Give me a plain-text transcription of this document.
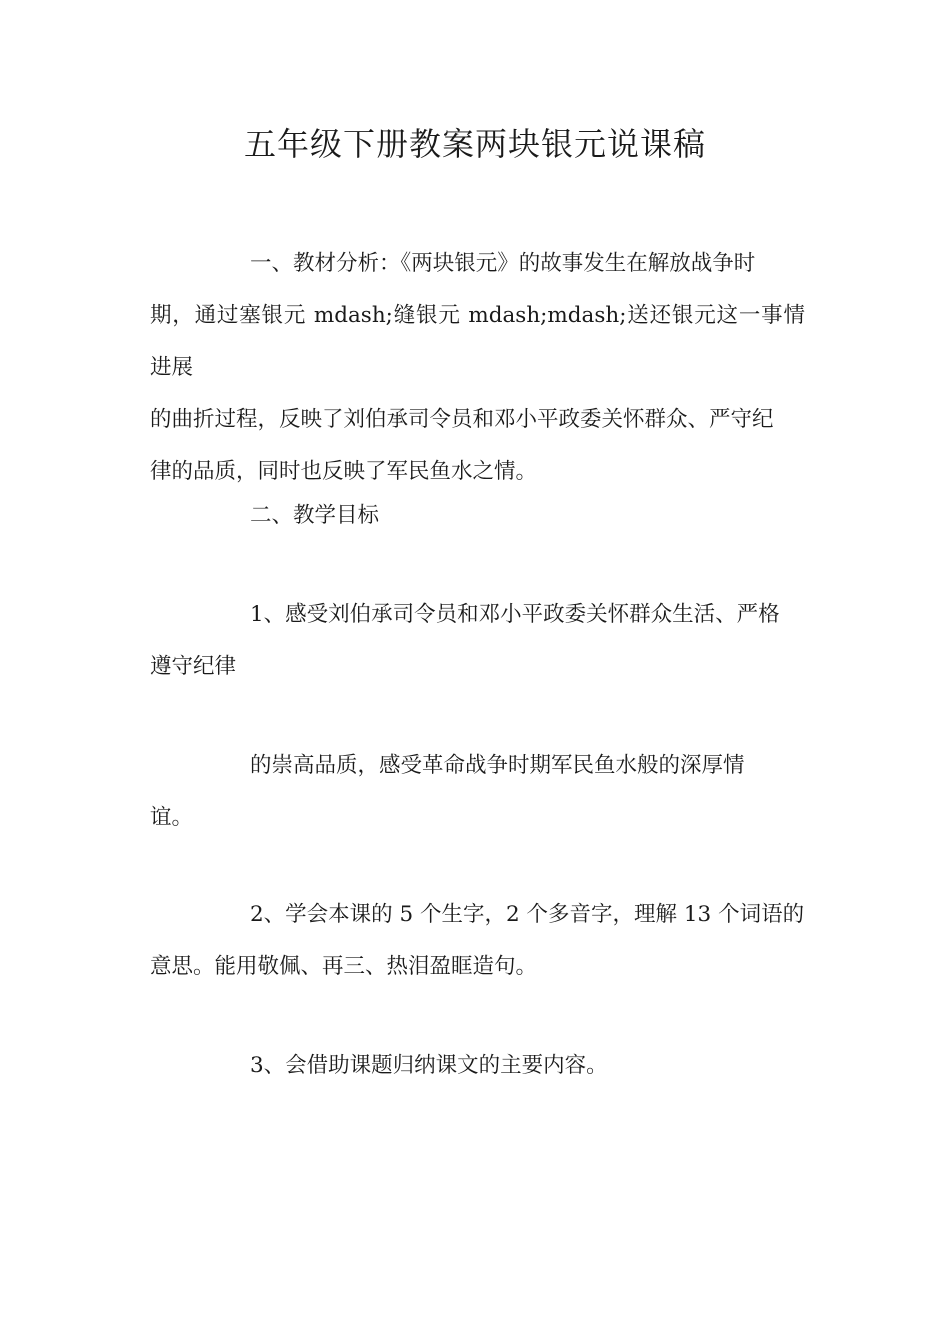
五年级下册教案两块银元说课稿
一、教材分析：《两块银元》的故事发生在解放战争时
期，通过塞银元 mdash;缝银元 mdash;mdash;送还银元这一事情进展
的曲折过程，反映了刘伯承司令员和邓小平政委关怀群众、严守纪
律的品质，同时也反映了军民鱼水之情。
二、教学目标
1、感受刘伯承司令员和邓小平政委关怀群众生活、严格
遵守纪律
的崇高品质，感受革命战争时期军民鱼水般的深厚情
谊。
2、学会本课的 5 个生字，2 个多音字，理解 13 个词语的
意思。能用敬佩、再三、热泪盈眶造句。
3、会借助课题归纳课文的主要内容。
